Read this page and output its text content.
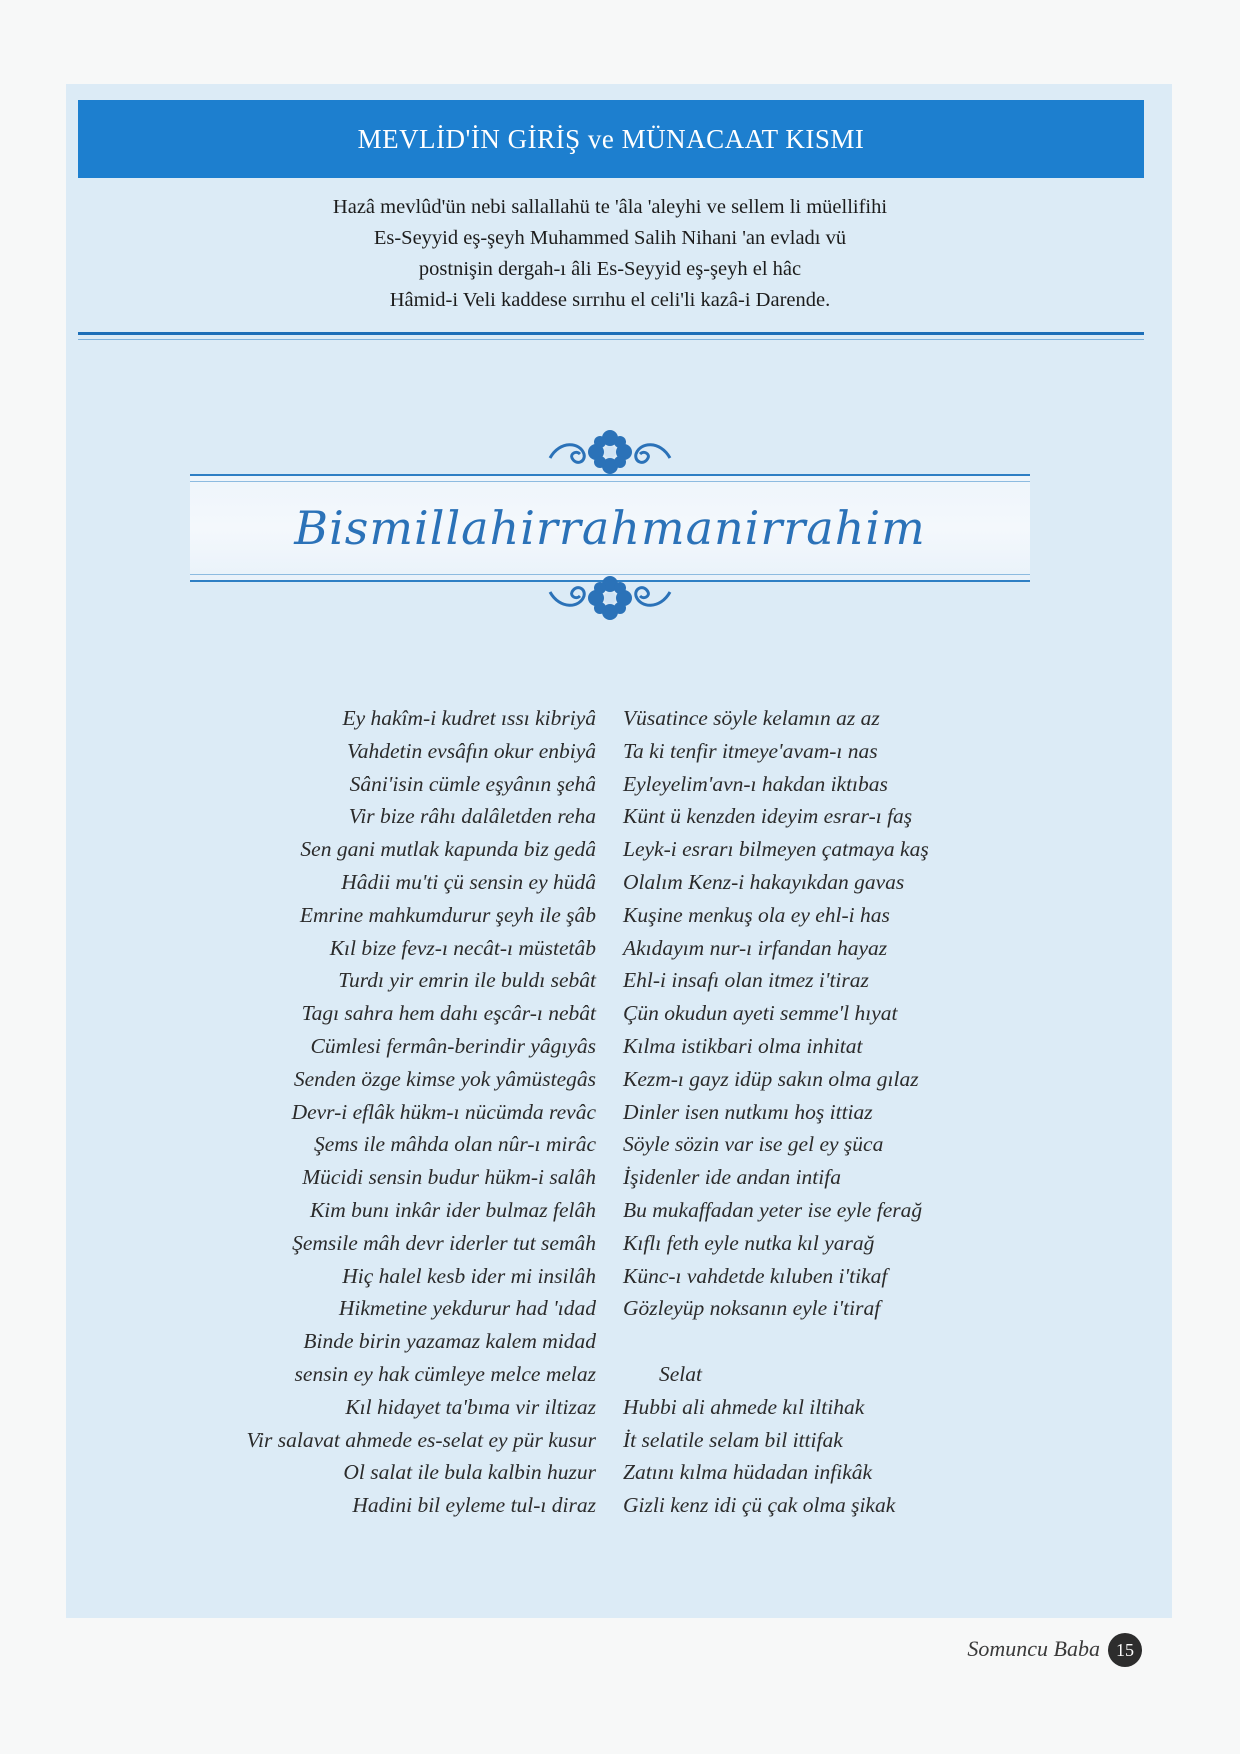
MEVLİD'İN GİRİŞ ve MÜNACAAT KISMI
Hazâ mevlûd'ün nebi sallallahü te 'âla 'aleyhi ve sellem li müellifihi
Es-Seyyid eş-şeyh Muhammed Salih Nihani 'an evladı vü
postnişin dergah-ı âli Es-Seyyid eş-şeyh el hâc
Hâmid-i Veli kaddese sırrıhu el celi'li kazâ-i Darende.
Bismillahirrahmanirrahim
Ey hakîm-i kudret ıssı kibriyâ
Vahdetin evsâfın okur enbiyâ
Sâni'isin cümle eşyânın şehâ
Vir bize râhı dalâletden reha
Sen gani mutlak kapunda biz gedâ
Hâdii mu'ti çü sensin ey hüdâ
Emrine mahkumdurur şeyh ile şâb
Kıl bize fevz-ı necât-ı müstetâb
Turdı yir emrin ile buldı sebât
Tagı sahra hem dahı eşcâr-ı nebât
Cümlesi fermân-berindir yâgıyâs
Senden özge kimse yok yâmüstegâs
Devr-i eflâk hükm-ı nücümda revâc
Şems ile mâhda olan nûr-ı mirâc
Mücidi sensin budur hükm-i salâh
Kim bunı inkâr ider bulmaz felâh
Şemsile mâh devr iderler tut semâh
Hiç halel kesb ider mi insilâh
Hikmetine yekdurur had 'ıdad
Binde birin yazamaz kalem midad
sensin ey hak cümleye melce melaz
Kıl hidayet ta'bıma vir iltizaz
Vir salavat ahmede es-selat ey pür kusur
Ol salat ile bula kalbin huzur
Hadini bil eyleme tul-ı diraz
Vüsatince söyle kelamın az az
Ta ki tenfir itmeye'avam-ı nas
Eyleyelim'avn-ı hakdan iktıbas
Künt ü kenzden ideyim esrar-ı faş
Leyk-i esrarı bilmeyen çatmaya kaş
Olalım Kenz-i hakayıkdan gavas
Kuşine menkuş ola ey ehl-i has
Akıdayım nur-ı irfandan hayaz
Ehl-i insafı olan itmez i'tiraz
Çün okudun ayeti semme'l hıyat
Kılma istikbari olma inhitat
Kezm-ı gayz idüp sakın olma gılaz
Dinler isen nutkımı hoş ittiaz
Söyle sözin var ise gel ey şüca
İşidenler ide andan intifa
Bu mukaffadan yeter ise eyle ferağ
Kıflı feth eyle nutka kıl yarağ
Künc-ı vahdetde kıluben i'tikaf
Gözleyüp noksanın eyle i'tiraf
Selat
Hubbi ali ahmede kıl iltihak
İt selatile selam bil ittifak
Zatını kılma hüdadan infikâk
Gizli kenz idi çü çak olma şikak
Somuncu Baba 15
